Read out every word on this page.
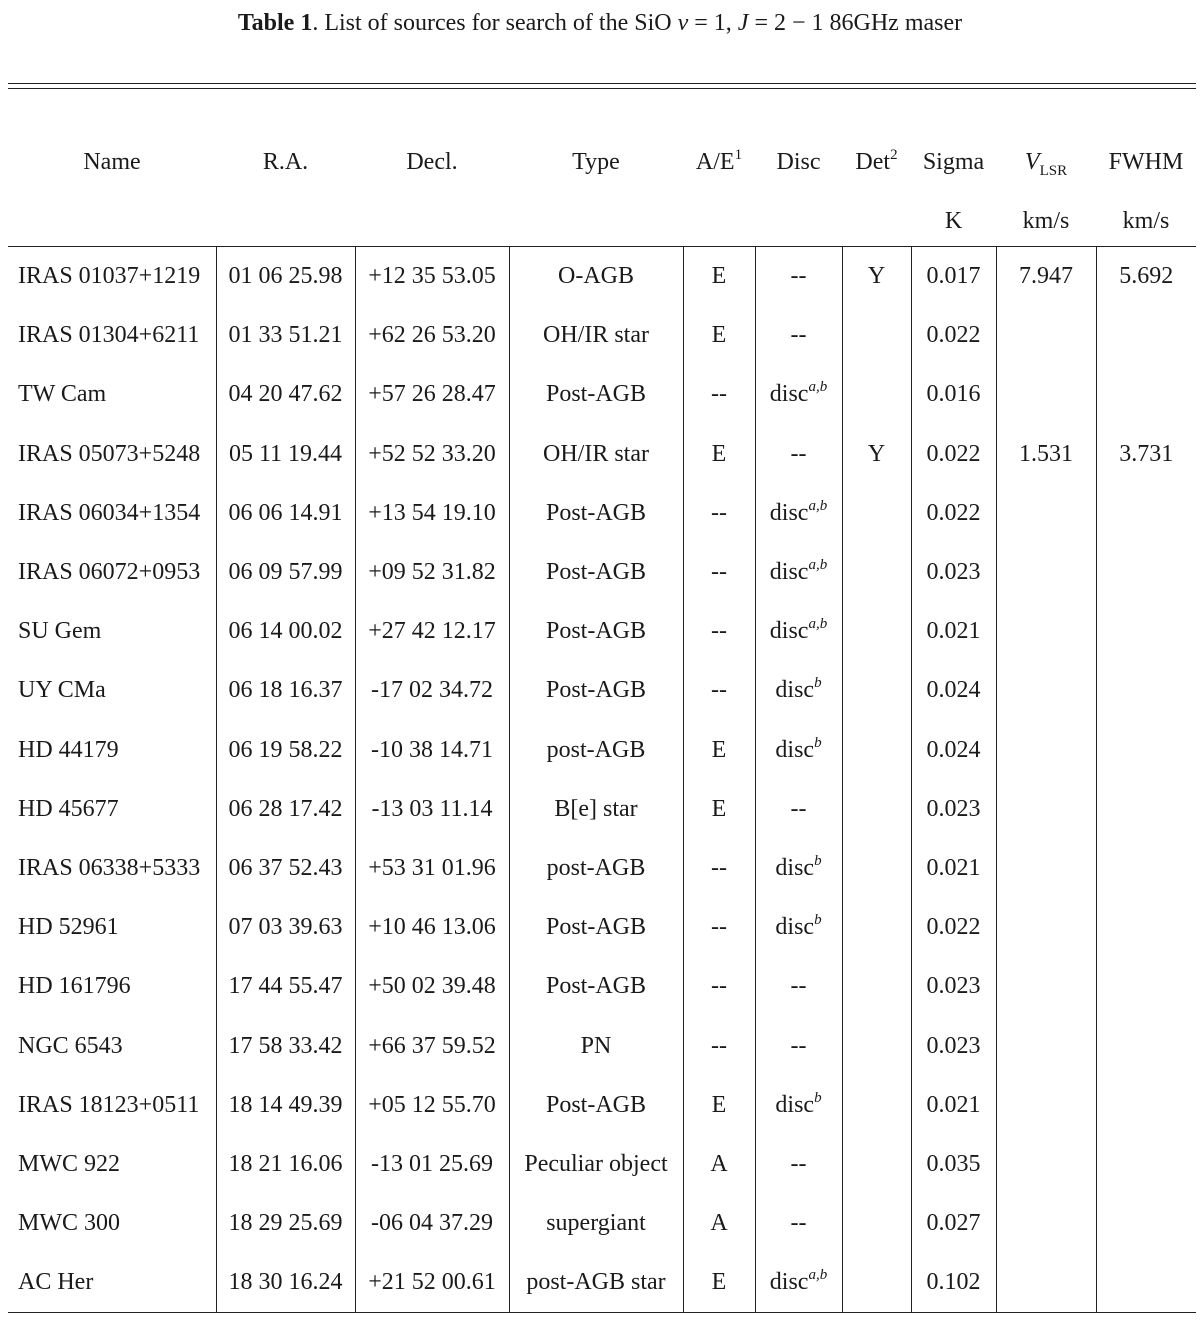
Table 1. List of sources for search of the SiO v = 1, J = 2 − 1 86GHz maser
Name	R.A.	Decl.	Type	$A/E^1$	Disc	Det$^2$	Sigma	$V_{LSR}$	FWHM
							K	km/s	km/s
IRAS 01037+1219	01 06 25.98	+12 35 53.05	O-AGB	E	--	Y	0.017	7.947	5.692
IRAS 01304+6211	01 33 51.21	+62 26 53.20	OH/IR star	E	--		0.022		
TW Cam	04 20 47.62	+57 26 28.47	Post-AGB	--	disc$^{a,b}$		0.016		
IRAS 05073+5248	05 11 19.44	+52 52 33.20	OH/IR star	E	--	Y	0.022	1.531	3.731
IRAS 06034+1354	06 06 14.91	+13 54 19.10	Post-AGB	--	disc$^{a,b}$		0.022		
IRAS 06072+0953	06 09 57.99	+09 52 31.82	Post-AGB	--	disc$^{a,b}$		0.023		
SU Gem	06 14 00.02	+27 42 12.17	Post-AGB	--	disc$^{a,b}$		0.021		
UY CMa	06 18 16.37	-17 02 34.72	Post-AGB	--	disc$^b$		0.024		
HD 44179	06 19 58.22	-10 38 14.71	post-AGB	E	disc$^b$		0.024		
HD 45677	06 28 17.42	-13 03 11.14	B[e] star	E	--		0.023		
IRAS 06338+5333	06 37 52.43	+53 31 01.96	post-AGB	--	disc$^b$		0.021		
HD 52961	07 03 39.63	+10 46 13.06	Post-AGB	--	disc$^b$		0.022		
HD 161796	17 44 55.47	+50 02 39.48	Post-AGB	--	--		0.023		
NGC 6543	17 58 33.42	+66 37 59.52	PN	--	--		0.023		
IRAS 18123+0511	18 14 49.39	+05 12 55.70	Post-AGB	E	disc$^b$		0.021		
MWC 922	18 21 16.06	-13 01 25.69	Peculiar object	A	--		0.035		
MWC 300	18 29 25.69	-06 04 37.29	supergiant	A	--		0.027		
AC Her	18 30 16.24	+21 52 00.61	post-AGB star	E	disc$^{a,b}$		0.102		
